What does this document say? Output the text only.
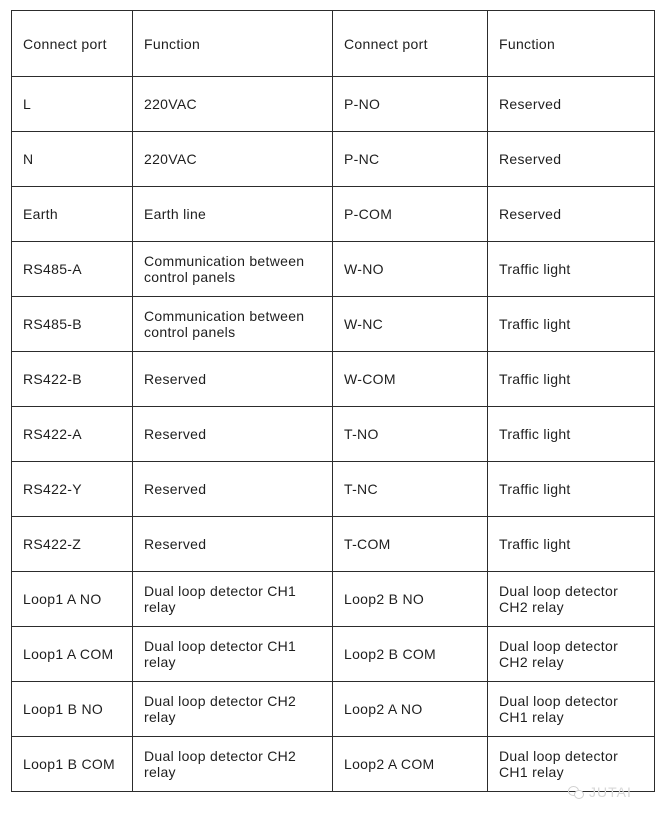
Connect port	Function	Connect port	Function

L	220VAC	P-NO	Reserved

N	220VAC	P-NC	Reserved

Earth	Earth line	P-COM	Reserved

RS485-A	Communication between control panels	W-NO	Traffic light

RS485-B	Communication between control panels	W-NC	Traffic light

RS422-B	Reserved	W-COM	Traffic light

RS422-A	Reserved	T-NO	Traffic light

RS422-Y	Reserved	T-NC	Traffic light

RS422-Z	Reserved	T-COM	Traffic light

Loop1 A NO	Dual loop detector CH1 relay	Loop2 B NO	Dual loop detector CH2 relay

Loop1 A COM	Dual loop detector CH1 relay	Loop2 B COM	Dual loop detector CH2 relay

Loop1 B NO	Dual loop detector CH2 relay	Loop2 A NO	Dual loop detector CH1 relay

Loop1 B COM	Dual loop detector CH2 relay	Loop2 A COM	Dual loop detector CH1 relay
JUTAI
